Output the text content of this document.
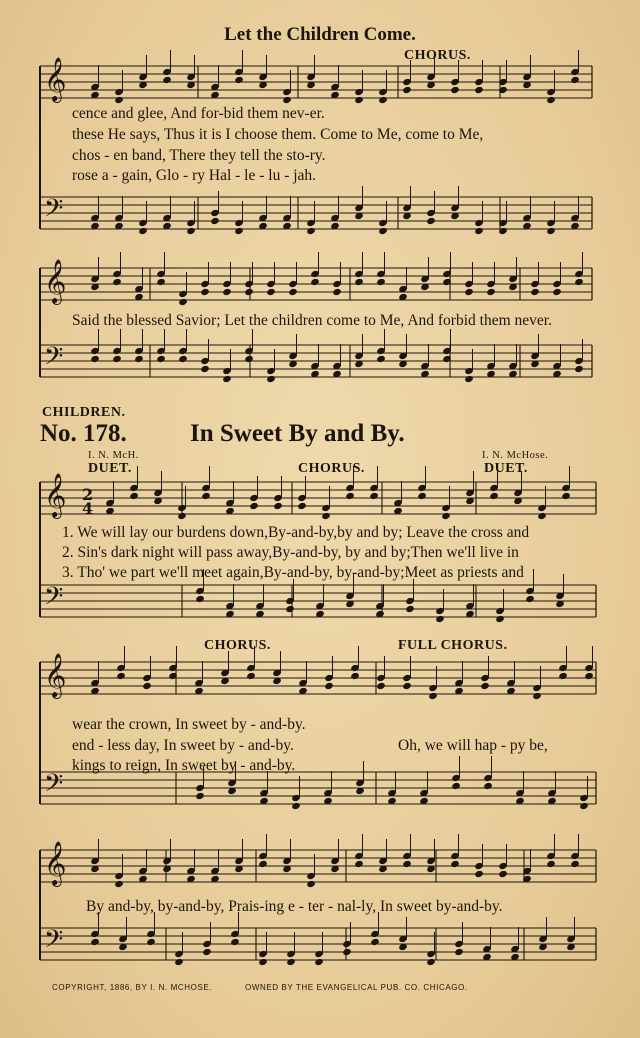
𝄞
𝄢
𝄞
𝄢
𝄞
𝄢
𝄞
𝄢
𝄞
𝄢
2
4
Let the Children Come.
CHORUS.
cence and glee, And for-bid them nev-er.
these He says, Thus it is I choose them. Come to Me, come to Me,
chos - en band, There they tell the sto-ry.
rose a - gain, Glo - ry Hal - le - lu - jah.
Said the blessed Savior; Let the children come to Me, And forbid them never.
CHILDREN.
No. 178.	In Sweet By and By.
I. N. McH.	I. N. McHose.
DUET.	CHORUS.	DUET.
1. We will lay our burdens down,By-and-by,by and by; Leave the cross and
2. Sin's dark night will pass away,By-and-by, by and by;Then we'll live in
3. Tho' we part we'll meet again,By-and-by, by-and-by;Meet as priests and
CHORUS.	FULL CHORUS.
wear the crown, In sweet by - and-by.
end - less day, In sweet by - and-by.
kings to reign, In sweet by - and-by.
Oh, we will hap - py be,
By and-by, by-and-by, Prais-ing e - ter - nal-ly, In sweet by-and-by.
COPYRIGHT, 1886, BY I. N. MCHOSE.	OWNED BY THE EVANGELICAL PUB. CO. CHICAGO.
